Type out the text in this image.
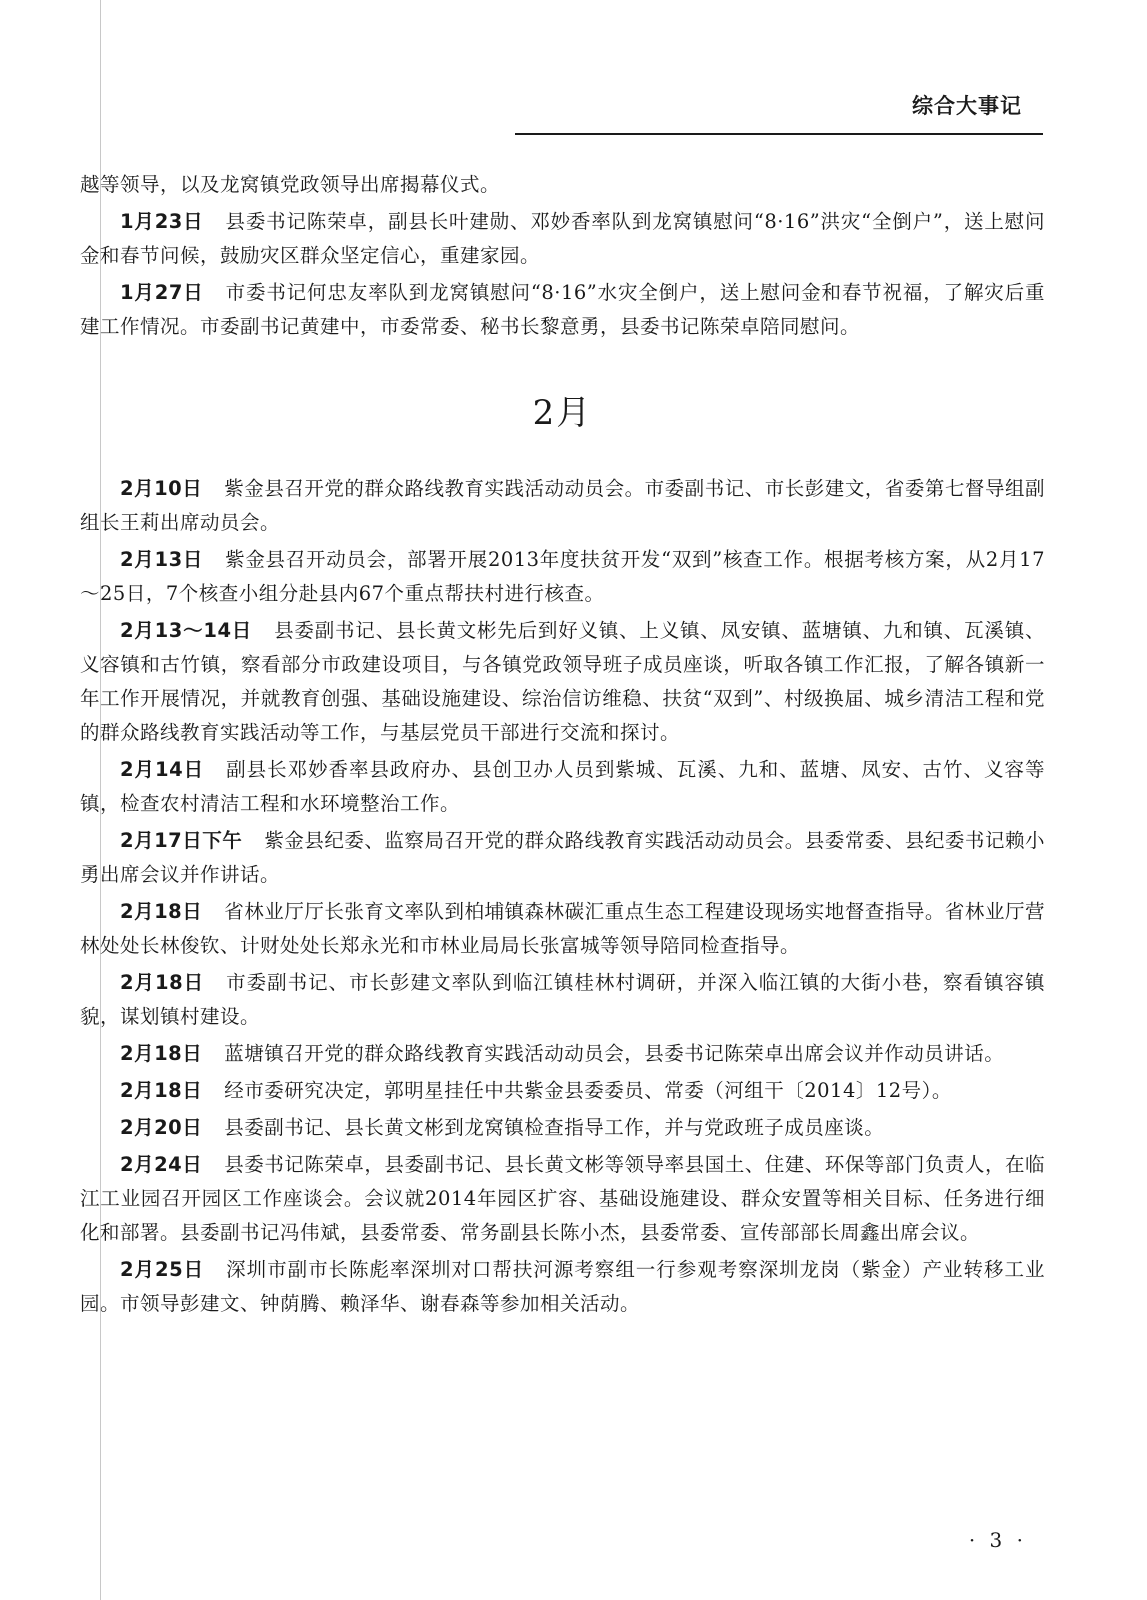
综合大事记

越等领导，以及龙窝镇党政领导出席揭幕仪式。

1月23日 县委书记陈荣卓，副县长叶建勋、邓妙香率队到龙窝镇慰问“8·16”洪灾“全倒户”，送上慰问金和春节问候，鼓励灾区群众坚定信心，重建家园。

1月27日 市委书记何忠友率队到龙窝镇慰问“8·16”水灾全倒户，送上慰问金和春节祝福，了解灾后重建工作情况。市委副书记黄建中，市委常委、秘书长黎意勇，县委书记陈荣卓陪同慰问。

2月

2月10日 紫金县召开党的群众路线教育实践活动动员会。市委副书记、市长彭建文，省委第七督导组副组长王莉出席动员会。

2月13日 紫金县召开动员会，部署开展2013年度扶贫开发“双到”核查工作。根据考核方案，从2月17～25日，7个核查小组分赴县内67个重点帮扶村进行核查。

2月13～14日 县委副书记、县长黄文彬先后到好义镇、上义镇、凤安镇、蓝塘镇、九和镇、瓦溪镇、义容镇和古竹镇，察看部分市政建设项目，与各镇党政领导班子成员座谈，听取各镇工作汇报，了解各镇新一年工作开展情况，并就教育创强、基础设施建设、综治信访维稳、扶贫“双到”、村级换届、城乡清洁工程和党的群众路线教育实践活动等工作，与基层党员干部进行交流和探讨。

2月14日 副县长邓妙香率县政府办、县创卫办人员到紫城、瓦溪、九和、蓝塘、凤安、古竹、义容等镇，检查农村清洁工程和水环境整治工作。

2月17日下午 紫金县纪委、监察局召开党的群众路线教育实践活动动员会。县委常委、县纪委书记赖小勇出席会议并作讲话。

2月18日 省林业厅厅长张育文率队到柏埔镇森林碳汇重点生态工程建设现场实地督查指导。省林业厅营林处处长林俊钦、计财处处长郑永光和市林业局局长张富城等领导陪同检查指导。

2月18日 市委副书记、市长彭建文率队到临江镇桂林村调研，并深入临江镇的大街小巷，察看镇容镇貌，谋划镇村建设。

2月18日 蓝塘镇召开党的群众路线教育实践活动动员会，县委书记陈荣卓出席会议并作动员讲话。

2月18日 经市委研究决定，郭明星挂任中共紫金县委委员、常委（河组干〔2014〕12号）。

2月20日 县委副书记、县长黄文彬到龙窝镇检查指导工作，并与党政班子成员座谈。

2月24日 县委书记陈荣卓，县委副书记、县长黄文彬等领导率县国土、住建、环保等部门负责人，在临江工业园召开园区工作座谈会。会议就2014年园区扩容、基础设施建设、群众安置等相关目标、任务进行细化和部署。县委副书记冯伟斌，县委常委、常务副县长陈小杰，县委常委、宣传部部长周鑫出席会议。

2月25日 深圳市副市长陈彪率深圳对口帮扶河源考察组一行参观考察深圳龙岗（紫金）产业转移工业园。市领导彭建文、钟荫腾、赖泽华、谢春森等参加相关活动。

· 3 ·
